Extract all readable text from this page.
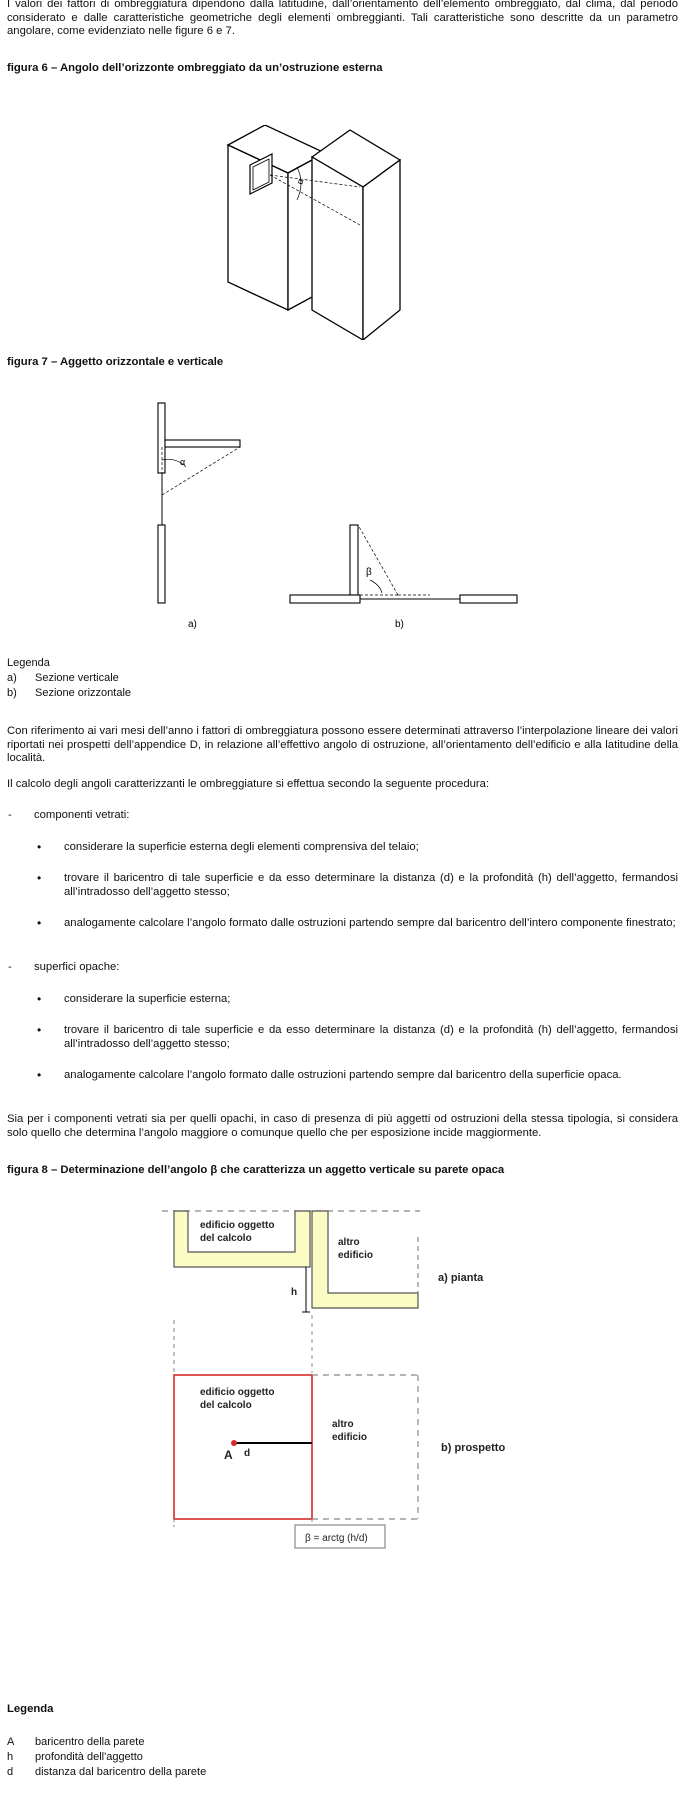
I valori dei fattori di ombreggiatura dipendono dalla latitudine, dall’orientamento dell’elemento ombreggiato, dal clima, dal periodo considerato e dalle caratteristiche geometriche degli elementi ombreggianti. Tali caratteristiche sono descritte da un parametro angolare, come evidenziato nelle figure 6 e 7.
figura 6 – Angolo dell’orizzonte ombreggiato da un’ostruzione esterna
α
figura 7 – Aggetto orizzontale e verticale
α
a)
β
b)
Legenda
a) Sezione verticale
b) Sezione orizzontale
Con riferimento ai vari mesi dell’anno i fattori di ombreggiatura possono essere determinati attraverso l’interpolazione lineare dei valori riportati nei prospetti dell’appendice D, in relazione all’effettivo angolo di ostruzione, all’orientamento dell’edificio e alla latitudine della località.
Il calcolo degli angoli caratterizzanti le ombreggiature si effettua secondo la seguente procedura:
- componenti vetrati:
• considerare la superficie esterna degli elementi comprensiva del telaio;
• trovare il baricentro di tale superficie e da esso determinare la distanza (d) e la profondità (h) dell’aggetto, fermandosi all’intradosso dell’aggetto stesso;
• analogamente calcolare l’angolo formato dalle ostruzioni partendo sempre dal baricentro dell’intero componente finestrato;
- superfici opache:
• considerare la superficie esterna;
• trovare il baricentro di tale superficie e da esso determinare la distanza (d) e la profondità (h) dell’aggetto, fermandosi all’intradosso dell’aggetto stesso;
• analogamente calcolare l’angolo formato dalle ostruzioni partendo sempre dal baricentro della superficie opaca.
Sia per i componenti vetrati sia per quelli opachi, in caso di presenza di più aggetti od ostruzioni della stessa tipologia, si considera solo quello che determina l’angolo maggiore o comunque quello che per esposizione incide maggiormente.
figura 8 – Determinazione dell’angolo β che caratterizza un aggetto verticale su parete opaca
edificio oggetto
del calcolo	altro
edificio
h
a) pianta
edificio oggetto
del calcolo
altro
edificio
A d	b) prospetto
β = arctg (h/d)
Legenda
A baricentro della parete
h profondità dell'aggetto
d distanza dal baricentro della parete
